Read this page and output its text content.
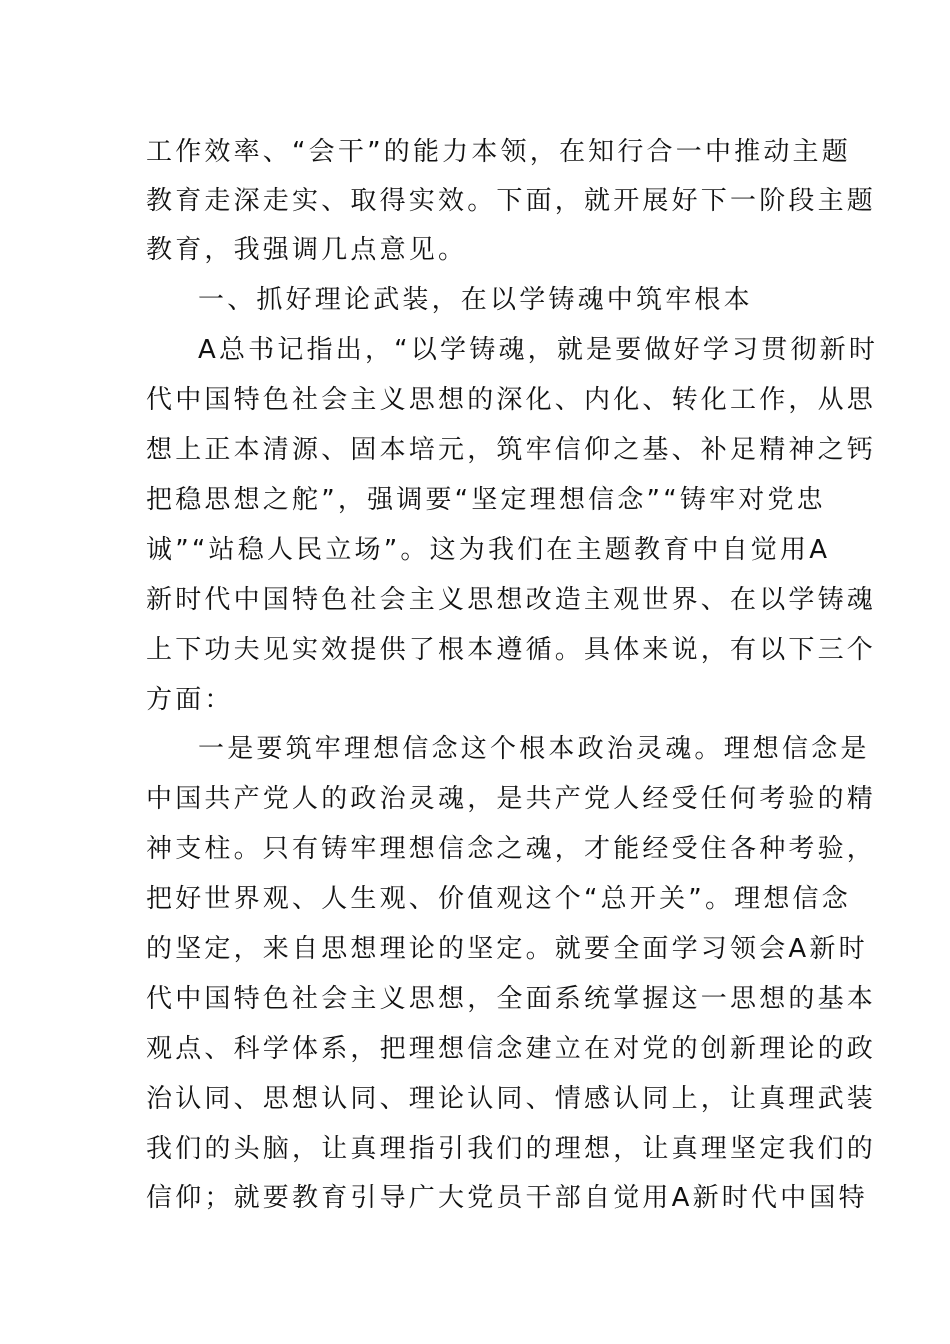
工作效率、“会干”的能力本领，在知行合一中推动主题
教育走深走实、取得实效。下面，就开展好下一阶段主题
教育，我强调几点意见。
一、抓好理论武装，在以学铸魂中筑牢根本
A总书记指出，“以学铸魂，就是要做好学习贯彻新时
代中国特色社会主义思想的深化、内化、转化工作，从思
想上正本清源、固本培元，筑牢信仰之基、补足精神之钙
把稳思想之舵”，强调要“坚定理想信念”“铸牢对党忠
诚”“站稳人民立场”。这为我们在主题教育中自觉用A
新时代中国特色社会主义思想改造主观世界、在以学铸魂
上下功夫见实效提供了根本遵循。具体来说，有以下三个
方面：
一是要筑牢理想信念这个根本政治灵魂。理想信念是
中国共产党人的政治灵魂，是共产党人经受任何考验的精
神支柱。只有铸牢理想信念之魂，才能经受住各种考验，
把好世界观、人生观、价值观这个“总开关”。理想信念
的坚定，来自思想理论的坚定。就要全面学习领会A新时
代中国特色社会主义思想，全面系统掌握这一思想的基本
观点、科学体系，把理想信念建立在对党的创新理论的政
治认同、思想认同、理论认同、情感认同上，让真理武装
我们的头脑，让真理指引我们的理想，让真理坚定我们的
信仰；就要教育引导广大党员干部自觉用A新时代中国特
